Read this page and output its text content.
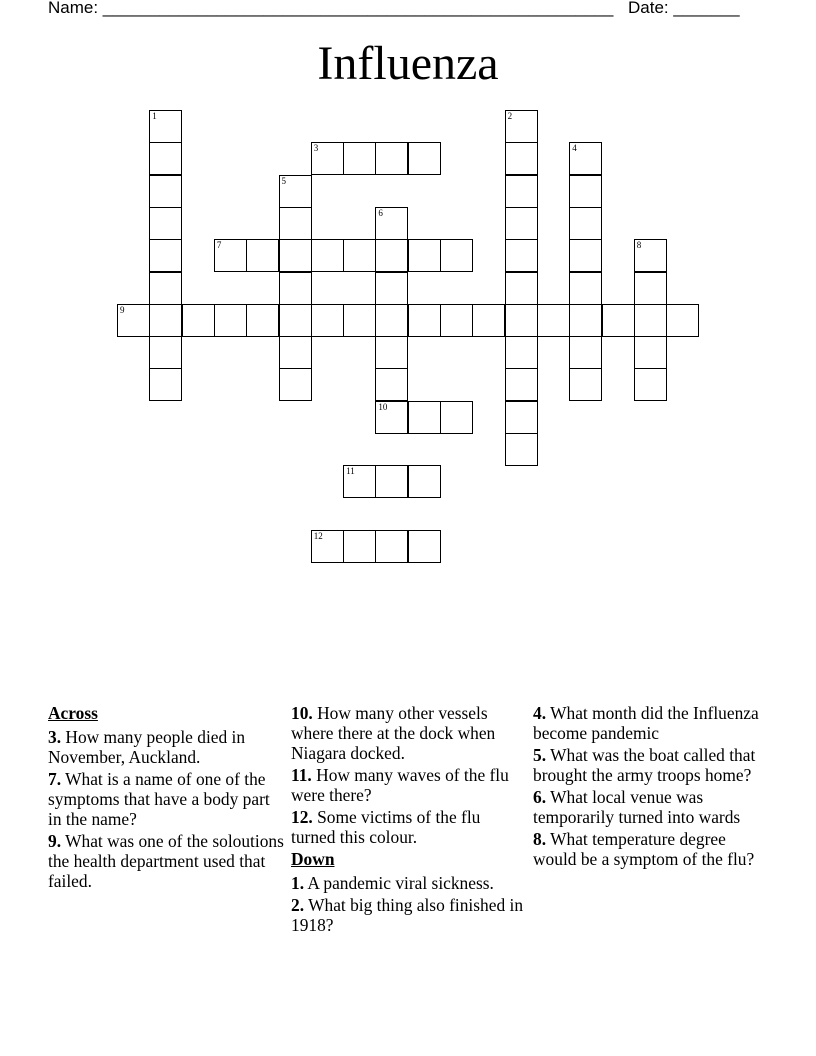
Name: ______________________________________________________ Date: _______
Influenza
1	2
3	4
5
6
7	8
9
10
11
12
Across
3. How many people died in November, Auckland.
7. What is a name of one of the symptoms that have a body part in the name?
9. What was one of the soloutions the health department used that failed.
10. How many other vessels where there at the dock when Niagara docked.
11. How many waves of the flu were there?
12. Some victims of the flu turned this colour.
Down
1. A pandemic viral sickness.
2. What big thing also finished in 1918?
4. What month did the Influenza become pandemic
5. What was the boat called that brought the army troops home?
6. What local venue was temporarily turned into wards
8. What temperature degree would be a symptom of the flu?
